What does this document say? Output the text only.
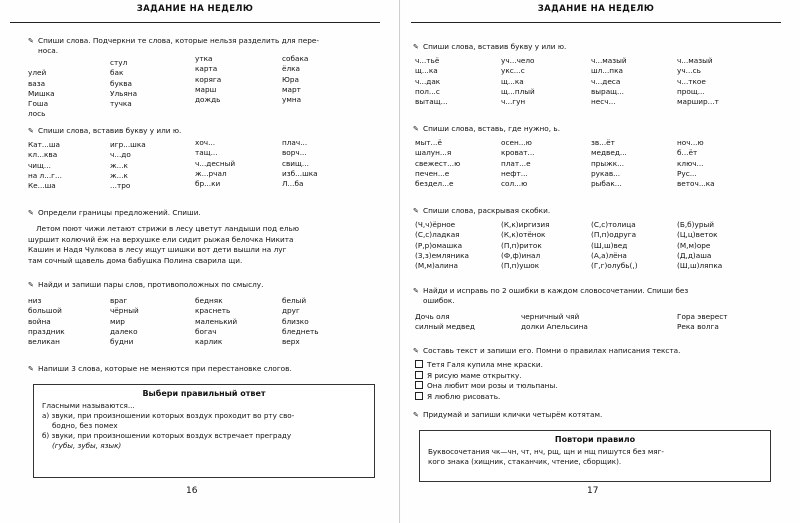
ЗАДАНИЕ НА НЕДЕЛЮ
✎ Спиши слова. Подчеркни те слова, которые нельзя разделить для пере-
носа.
улей
ваза
Мишка
Гоша
лось
стул
бак
буква
Ульяна
тучка
утка
карта
коряга
марш
дождь
собака
ёлка
Юра
март
умна
✎ Спиши слова, вставив букву у или ю.
Кат...ша
кл...ква
чищ...
на л...г...
Ке...ша
игр...шка
ч...до
ж...к
ж...к
...тро
хоч...
тащ...
ч...десный
ж...рчал
бр...ки
плач...
ворч...
свищ...
изб...шка
Л...ба
✎ Определи границы предложений. Спиши.
Летом поют чижи летают стрижи в лесу цветут ландыши под елью
шуршит колючий ёж на верхушке ели сидит рыжая белочка Никита
Кашин и Надя Чулкова в лесу ищут шишки вот дети вышли на луг
там сочный щавель дома бабушка Полина сварила щи.
✎ Найди и запиши пары слов, противоположных по смыслу.
низ
большой
война
праздник
великан
враг
чёрный
мир
далеко
будни
бедняк
краснеть
маленький
богач
карлик
белый
друг
близко
бледнеть
верх
✎ Напиши 3 слова, которые не меняются при перестановке слогов.
Выбери правильный ответ
Гласными называются...
а) звуки, при произношении которых воздух проходит во рту сво-
бодно, без помех
б) звуки, при произношении которых воздух встречает преграду
(губы, зубы, язык)
16
ЗАДАНИЕ НА НЕДЕЛЮ
✎ Спиши слова, вставив букву у или ю.
ч...тьё
щ...ка
ч...дак
пол...с
вытащ...
уч...чело
укс...с
щ...ка
щ...плый
ч...гун
ч...мазый
шл...пка
ч...деса
выращ...
несч...
ч...мазый
уч...сь
ч...ткое
прощ...
маршир...т
✎ Спиши слова, вставь, где нужно, ь.
мыт...ё
шалун...я
свежест...ю
печен...е
бездел...е
осен...ю
кроват...
плат...е
нефт...
сол...ю
зв...ёт
медвед...
прыжк...
рукав...
рыбак...
ноч...ю
б...ёт
ключ...
Рус...
веточ...ка
✎ Спиши слова, раскрывая скобки.
(Ч,ч)ёрное
(С,с)ладкая
(Р,р)омашка
(З,з)емляника
(М,м)алина
(К,к)иргизия
(К,к)отёнок
(П,п)риток
(Ф,ф)инал
(П,п)ушок
(С,с)толица
(П,п)одруга
(Ш,ш)вед
(А,а)лёна
(Г,г)олубь(,)
(Б,б)урый
(Ц,ц)веток
(М,м)оре
(Д,д)аша
(Ш,ш)ляпка
✎ Найди и исправь по 2 ошибки в каждом словосочетании. Спиши без
ошибок.
Дочь оля
силный медвед
черничный чяй
долки Апельсина
Гора эверест
Река волга
✎ Составь текст и запиши его. Помни о правилах написания текста.
Тетя Галя купила мне краски.
Я рисую маме открытку.
Она любит мои розы и тюльпаны.
Я люблю рисовать.
✎ Придумай и запиши клички четырём котятам.
Повтори правило
Буквосочетания чк—чн, чт, нч, рщ, щн и нщ пишутся без мяг-
кого знака (хищник, стаканчик, чтение, сборщик).
17
